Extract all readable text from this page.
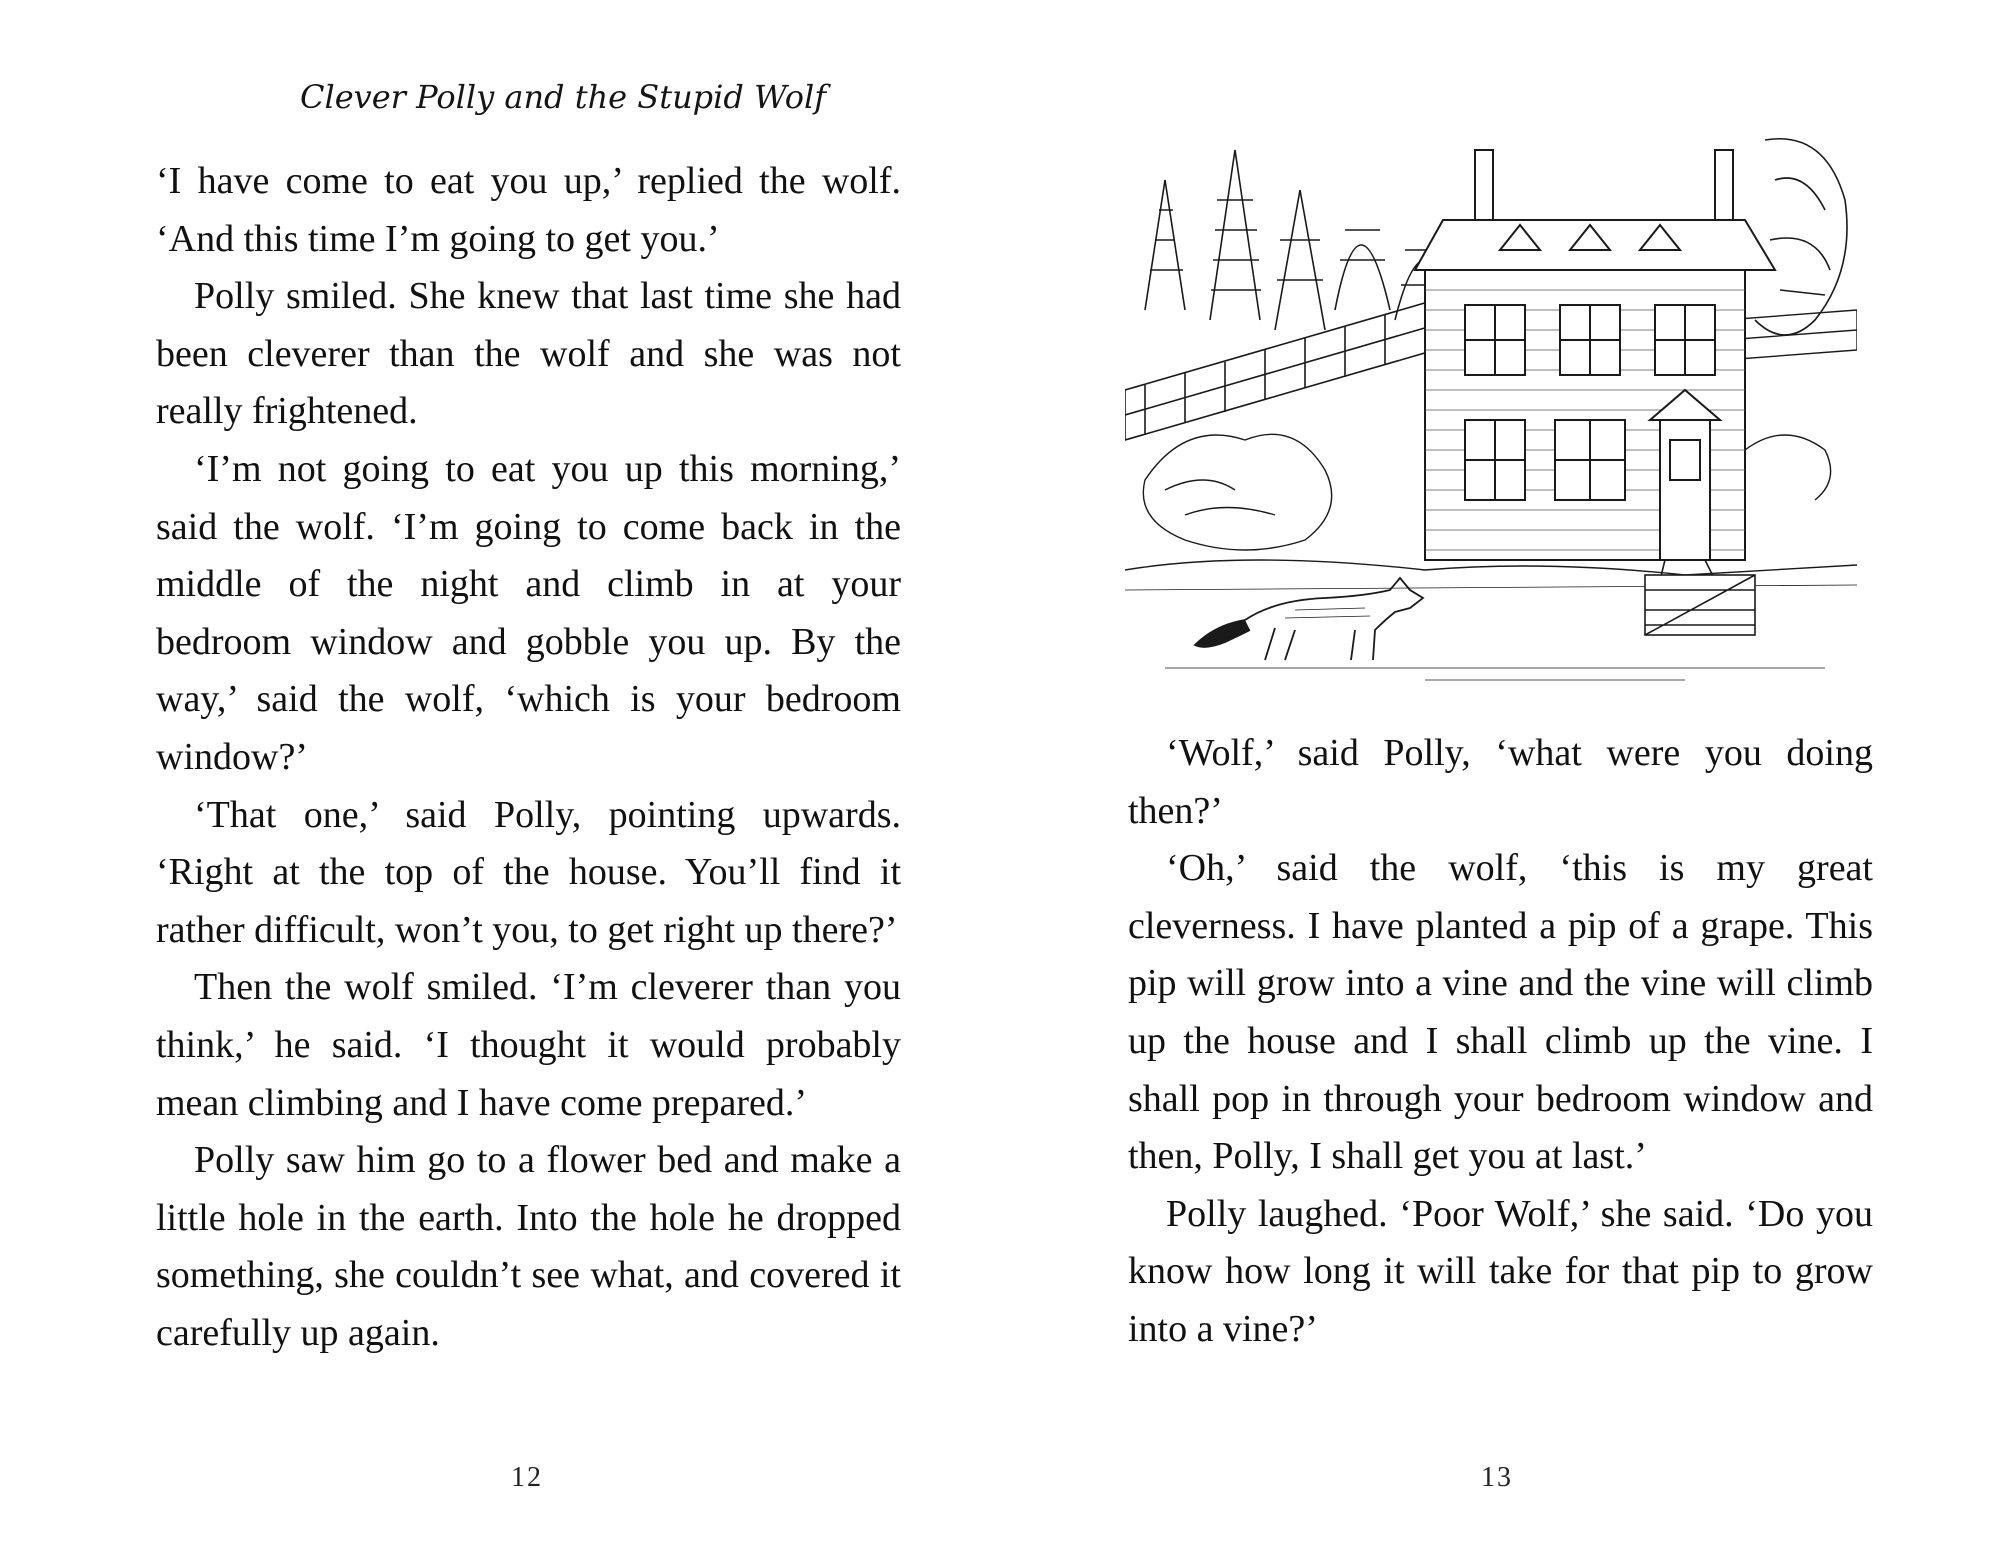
Clever Polly and the Stupid Wolf

‘I have come to eat you up,’ replied the wolf. ‘And this time I’m going to get you.’

Polly smiled. She knew that last time she had been cleverer than the wolf and she was not really frightened.

‘I’m not going to eat you up this morning,’ said the wolf. ‘I’m going to come back in the middle of the night and climb in at your bedroom window and gobble you up. By the way,’ said the wolf, ‘which is your bedroom window?’

‘That one,’ said Polly, pointing upwards. ‘Right at the top of the house. You’ll find it rather difficult, won’t you, to get right up there?’

Then the wolf smiled. ‘I’m cleverer than you think,’ he said. ‘I thought it would probably mean climbing and I have come prepared.’

Polly saw him go to a flower bed and make a little hole in the earth. Into the hole he dropped something, she couldn’t see what, and covered it carefully up again.

12	13

‘Wolf,’ said Polly, ‘what were you doing then?’

‘Oh,’ said the wolf, ‘this is my great cleverness. I have planted a pip of a grape. This pip will grow into a vine and the vine will climb up the house and I shall climb up the vine. I shall pop in through your bedroom window and then, Polly, I shall get you at last.’

Polly laughed. ‘Poor Wolf,’ she said. ‘Do you know how long it will take for that pip to grow into a vine?’
